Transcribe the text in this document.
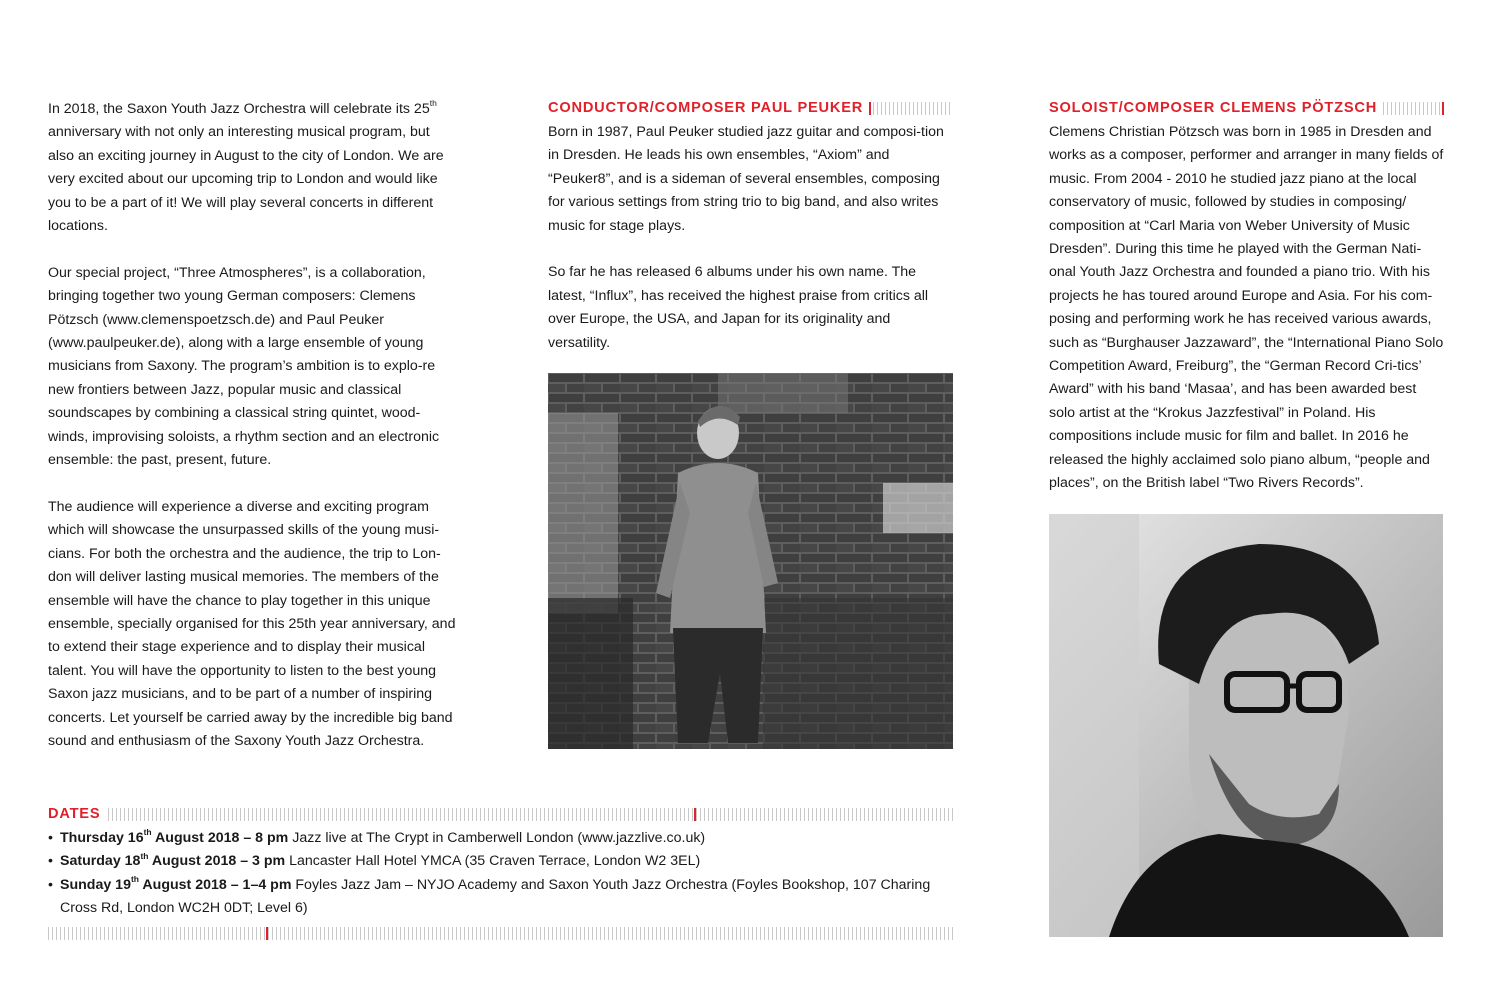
In 2018, the Saxon Youth Jazz Orchestra will celebrate its 25th anniversary with not only an interesting musical program, but also an exciting journey in August to the city of London. We are very excited about our upcoming trip to London and would like you to be a part of it! We will play several concerts in different locations.

Our special project, “Three Atmospheres”, is a collaboration, bringing together two young German composers: Clemens Pötzsch (www.clemenspoetzsch.de) and Paul Peuker (www.paulpeuker.de), along with a large ensemble of young musicians from Saxony. The program’s ambition is to explo-re new frontiers between Jazz, popular music and classical soundscapes by combining a classical string quintet, wood-winds, improvising soloists, a rhythm section and an electronic ensemble: the past, present, future.

The audience will experience a diverse and exciting program which will showcase the unsurpassed skills of the young musi-cians. For both the orchestra and the audience, the trip to Lon-don will deliver lasting musical memories. The members of the ensemble will have the chance to play together in this unique ensemble, specially organised for this 25th year anniversary, and to extend their stage experience and to display their musical talent. You will have the opportunity to listen to the best young Saxon jazz musicians, and to be part of a number of inspiring concerts. Let yourself be carried away by the incredible big band sound and enthusiasm of the Saxony Youth Jazz Orchestra.

CONDUCTOR/COMPOSER PAUL PEUKER

Born in 1987, Paul Peuker studied jazz guitar and composi-tion in Dresden. He leads his own ensembles, “Axiom” and “Peuker8”, and is a sideman of several ensembles, composing for various settings from string trio to big band, and also writes music for stage plays.

So far he has released 6 albums under his own name. The latest, “Influx”, has received the highest praise from critics all over Europe, the USA, and Japan for its originality and versatility.

SOLOIST/COMPOSER CLEMENS PÖTZSCH

Clemens Christian Pötzsch was born in 1985 in Dresden and works as a composer, performer and arranger in many fields of music. From 2004 - 2010 he studied jazz piano at the local conservatory of music, followed by studies in composing/ composition at “Carl Maria von Weber University of Music Dresden”. During this time he played with the German Nati-onal Youth Jazz Orchestra and founded a piano trio. With his projects he has toured around Europe and Asia. For his com-posing and performing work he has received various awards, such as “Burghauser Jazzaward”, the “International Piano Solo Competition Award, Freiburg”, the “German Record Cri-tics’ Award” with his band ‘Masaa’, and has been awarded best solo artist at the “Krokus Jazzfestival” in Poland. His compositions include music for film and ballet. In 2016 he released the highly acclaimed solo piano album, “people and places”, on the British label “Two Rivers Records”.

DATES
• Thursday 16th August 2018 – 8 pm Jazz live at The Crypt in Camberwell London (www.jazzlive.co.uk)
• Saturday 18th August 2018 – 3 pm Lancaster Hall Hotel YMCA (35 Craven Terrace, London W2 3EL)
• Sunday 19th August 2018 – 1–4 pm Foyles Jazz Jam – NYJO Academy and Saxon Youth Jazz Orchestra (Foyles Bookshop, 107 Charing Cross Rd, London WC2H 0DT; Level 6)
